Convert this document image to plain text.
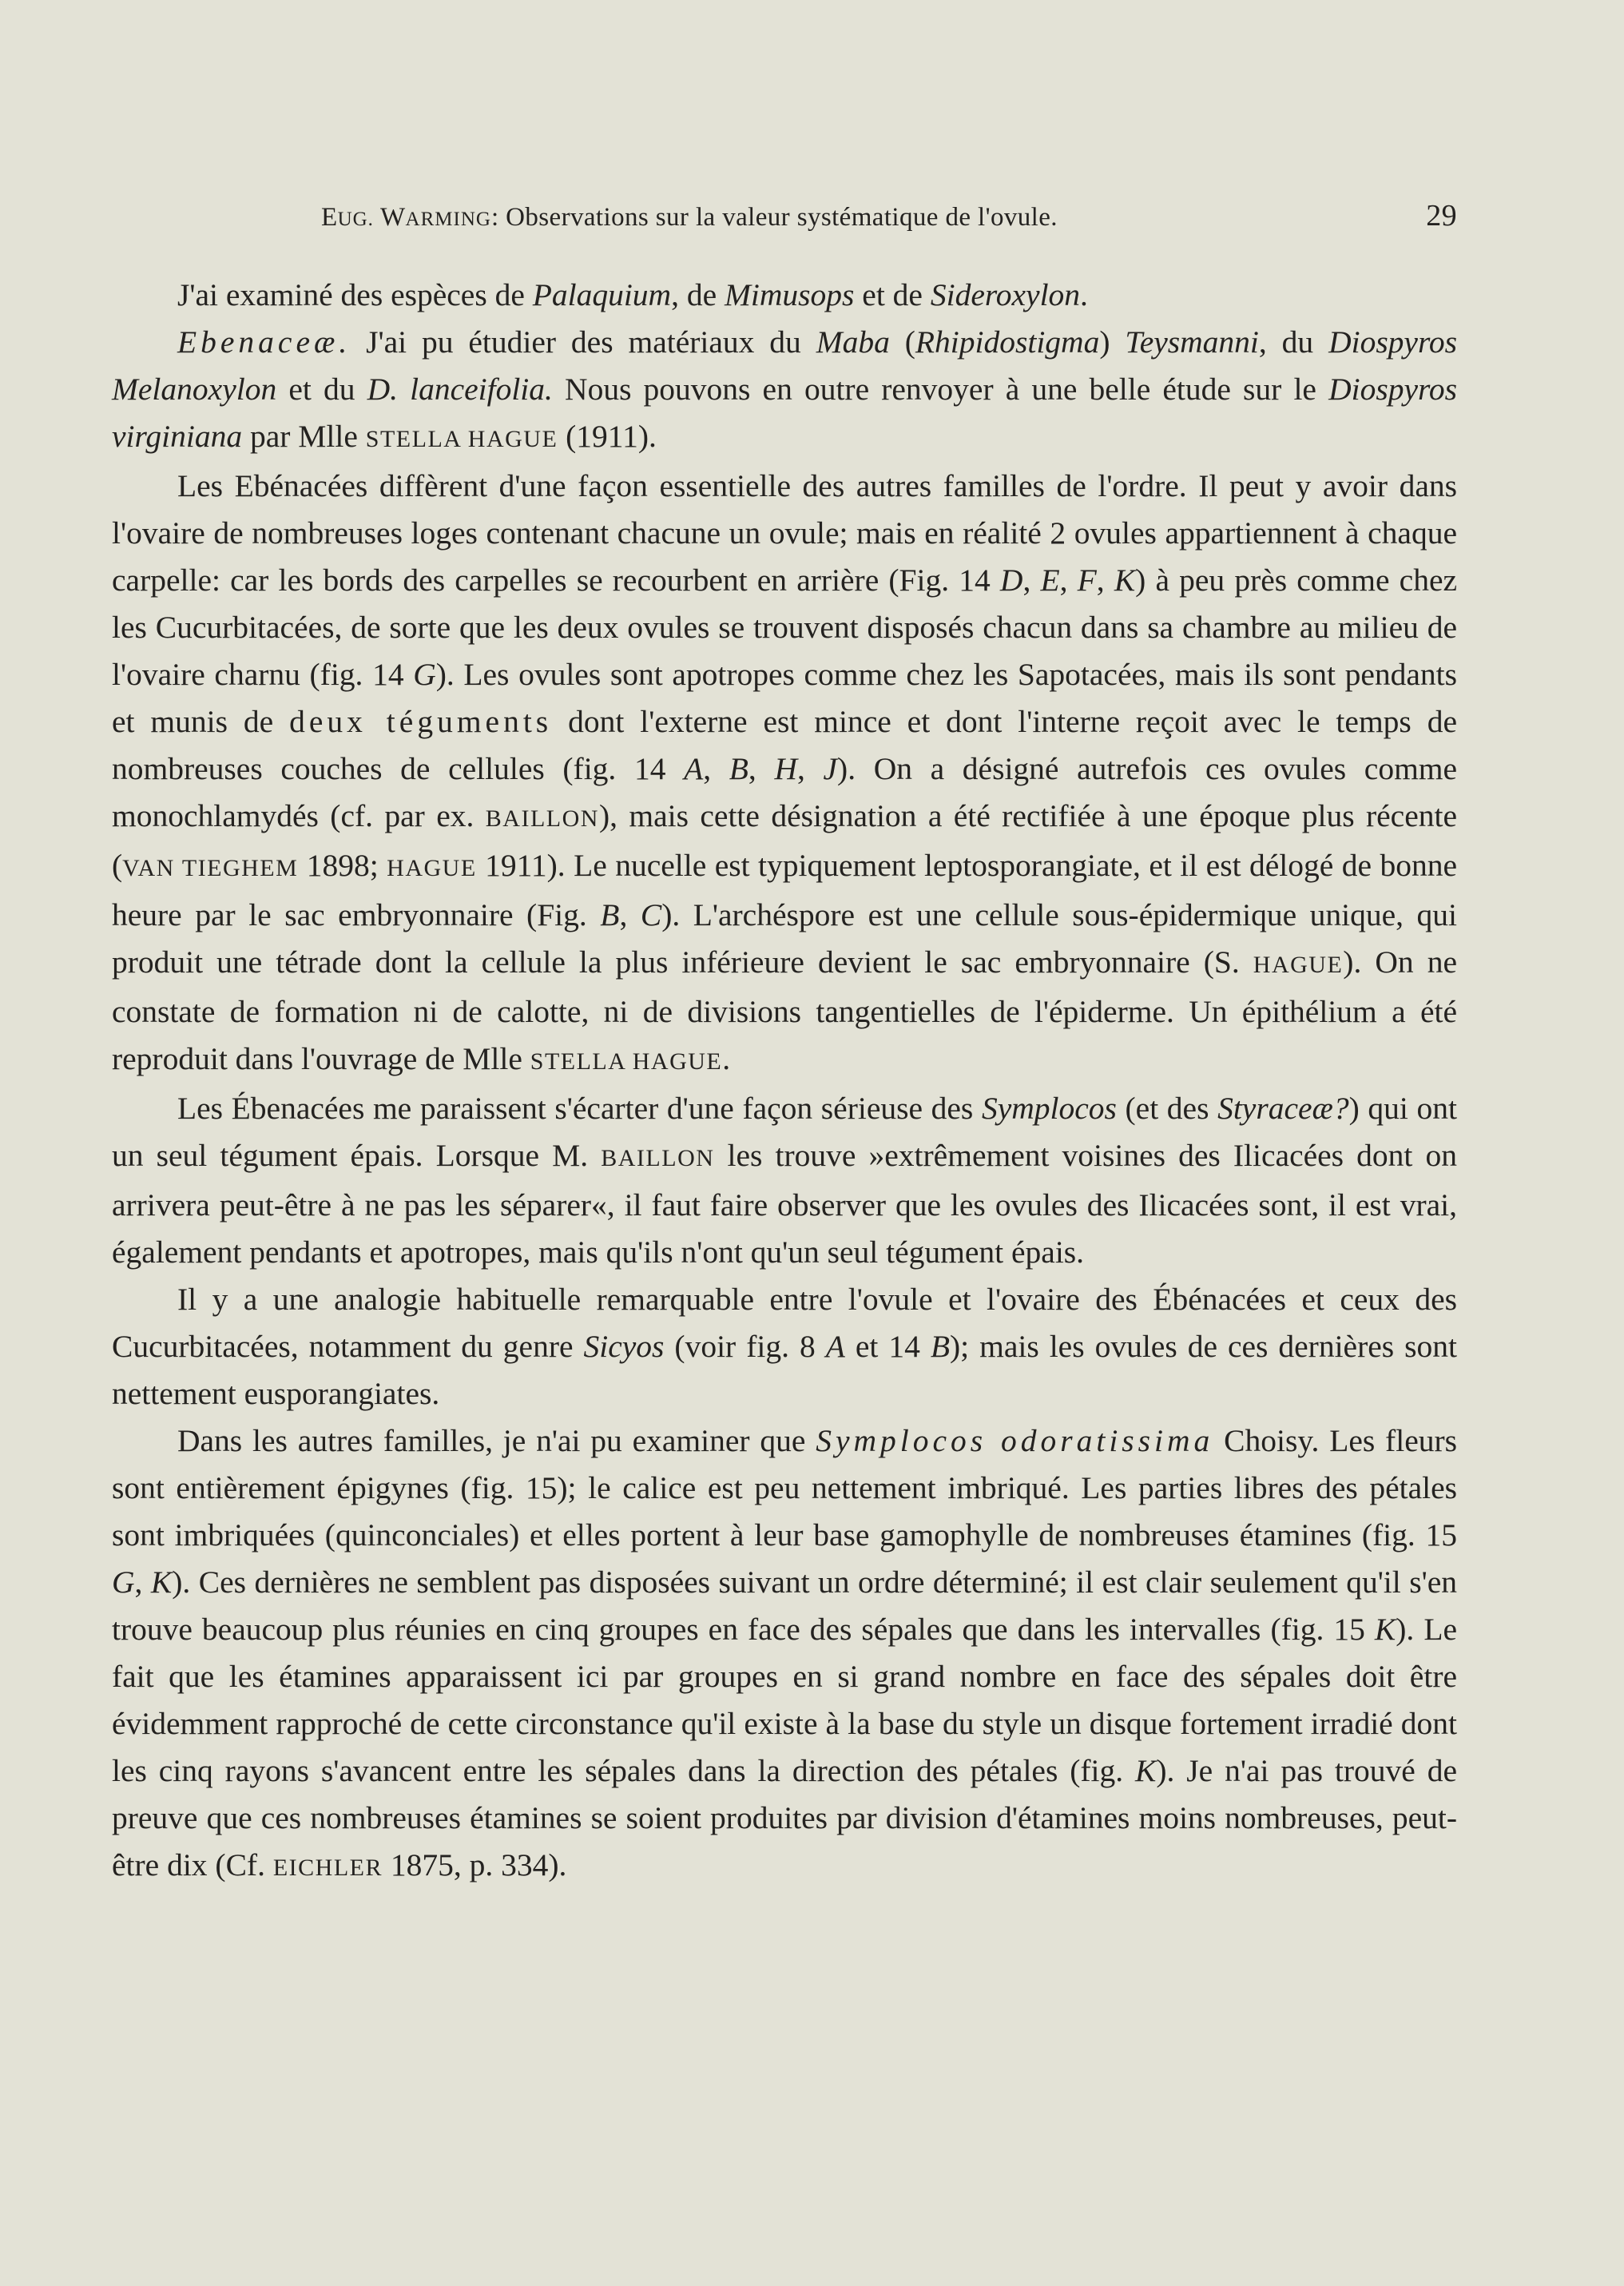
EUG. WARMING: Observations sur la valeur systématique de l'ovule.	29

J'ai examiné des espèces de Palaquium, de Mimusops et de Sideroxylon.

Ebenaceæ. J'ai pu étudier des matériaux du Maba (Rhipidostigma) Teysmanni, du Diospyros Melanoxylon et du D. lanceifolia. Nous pouvons en outre renvoyer à une belle étude sur le Diospyros virginiana par Mlle STELLA HAGUE (1911).

Les Ebénacées diffèrent d'une façon essentielle des autres familles de l'ordre. Il peut y avoir dans l'ovaire de nombreuses loges contenant chacune un ovule; mais en réalité 2 ovules appartiennent à chaque carpelle: car les bords des carpelles se recourbent en arrière (Fig. 14 D, E, F, K) à peu près comme chez les Cucurbitacées, de sorte que les deux ovules se trouvent disposés chacun dans sa chambre au milieu de l'ovaire charnu (fig. 14 G). Les ovules sont apotropes comme chez les Sapotacées, mais ils sont pendants et munis de deux téguments dont l'externe est mince et dont l'interne reçoit avec le temps de nombreuses couches de cellules (fig. 14 A, B, H, J). On a désigné autrefois ces ovules comme monochlamydés (cf. par ex. BAILLON), mais cette désignation a été rectifiée à une époque plus récente (VAN TIEGHEM 1898; HAGUE 1911). Le nucelle est typiquement leptosporangiate, et il est délogé de bonne heure par le sac embryonnaire (Fig. B, C). L'archéspore est une cellule sous-épidermique unique, qui produit une tétrade dont la cellule la plus inférieure devient le sac embryonnaire (S. HAGUE). On ne constate de formation ni de calotte, ni de divisions tangentielles de l'épiderme. Un épithélium a été reproduit dans l'ouvrage de Mlle STELLA HAGUE.

Les Ébenacées me paraissent s'écarter d'une façon sérieuse des Symplocos (et des Styraceæ?) qui ont un seul tégument épais. Lorsque M. BAILLON les trouve »extrêmement voisines des Ilicacées dont on arrivera peut-être à ne pas les séparer«, il faut faire observer que les ovules des Ilicacées sont, il est vrai, également pendants et apotropes, mais qu'ils n'ont qu'un seul tégument épais.

Il y a une analogie habituelle remarquable entre l'ovule et l'ovaire des Ébénacées et ceux des Cucurbitacées, notamment du genre Sicyos (voir fig. 8 A et 14 B); mais les ovules de ces dernières sont nettement eusporangiates.

Dans les autres familles, je n'ai pu examiner que Symplocos odoratissima Choisy. Les fleurs sont entièrement épigynes (fig. 15); le calice est peu nettement imbriqué. Les parties libres des pétales sont imbriquées (quinconciales) et elles portent à leur base gamophylle de nombreuses étamines (fig. 15 G, K). Ces dernières ne semblent pas disposées suivant un ordre déterminé; il est clair seulement qu'il s'en trouve beaucoup plus réunies en cinq groupes en face des sépales que dans les intervalles (fig. 15 K). Le fait que les étamines apparaissent ici par groupes en si grand nombre en face des sépales doit être évidemment rapproché de cette circonstance qu'il existe à la base du style un disque fortement irradié dont les cinq rayons s'avancent entre les sépales dans la direction des pétales (fig. K). Je n'ai pas trouvé de preuve que ces nombreuses étamines se soient produites par division d'étamines moins nombreuses, peut-être dix (Cf. EICHLER 1875, p. 334).
